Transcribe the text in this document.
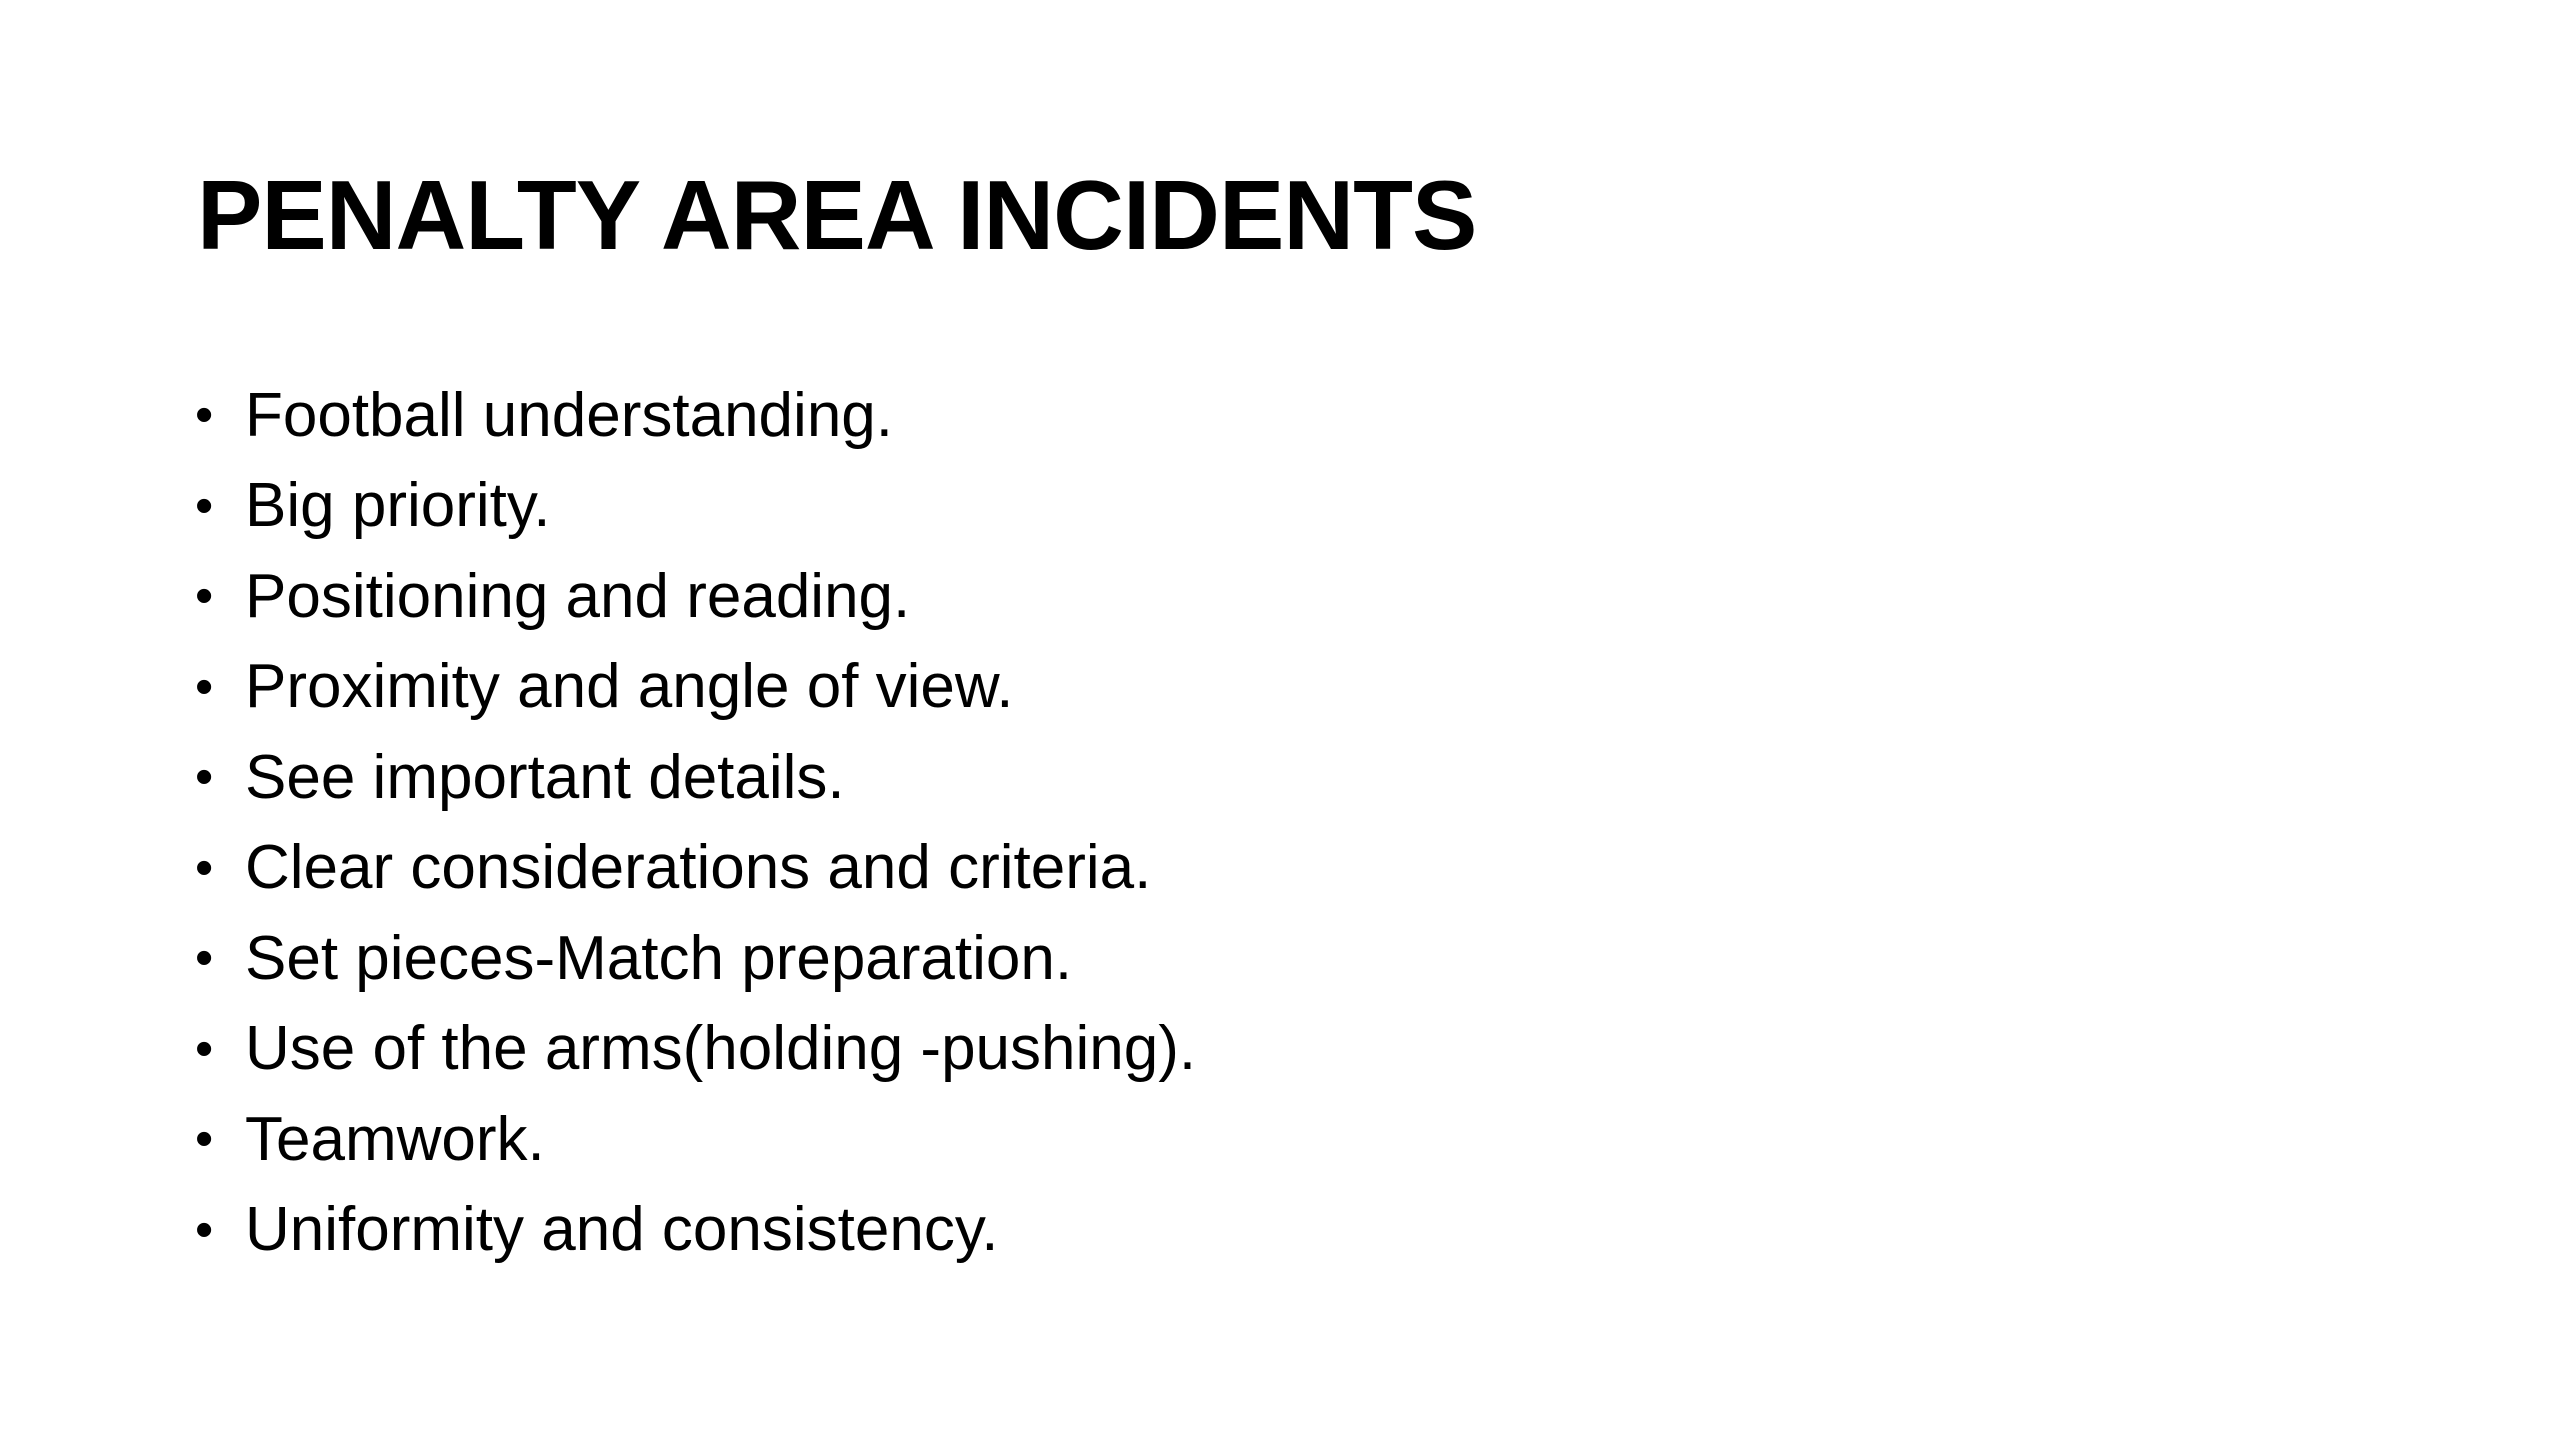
PENALTY AREA INCIDENTS
• Football understanding.
• Big priority.
• Positioning and reading.
• Proximity and angle of view.
• See important details.
• Clear considerations and criteria.
• Set pieces-Match preparation.
• Use of the arms(holding -pushing).
• Teamwork.
• Uniformity and consistency.
